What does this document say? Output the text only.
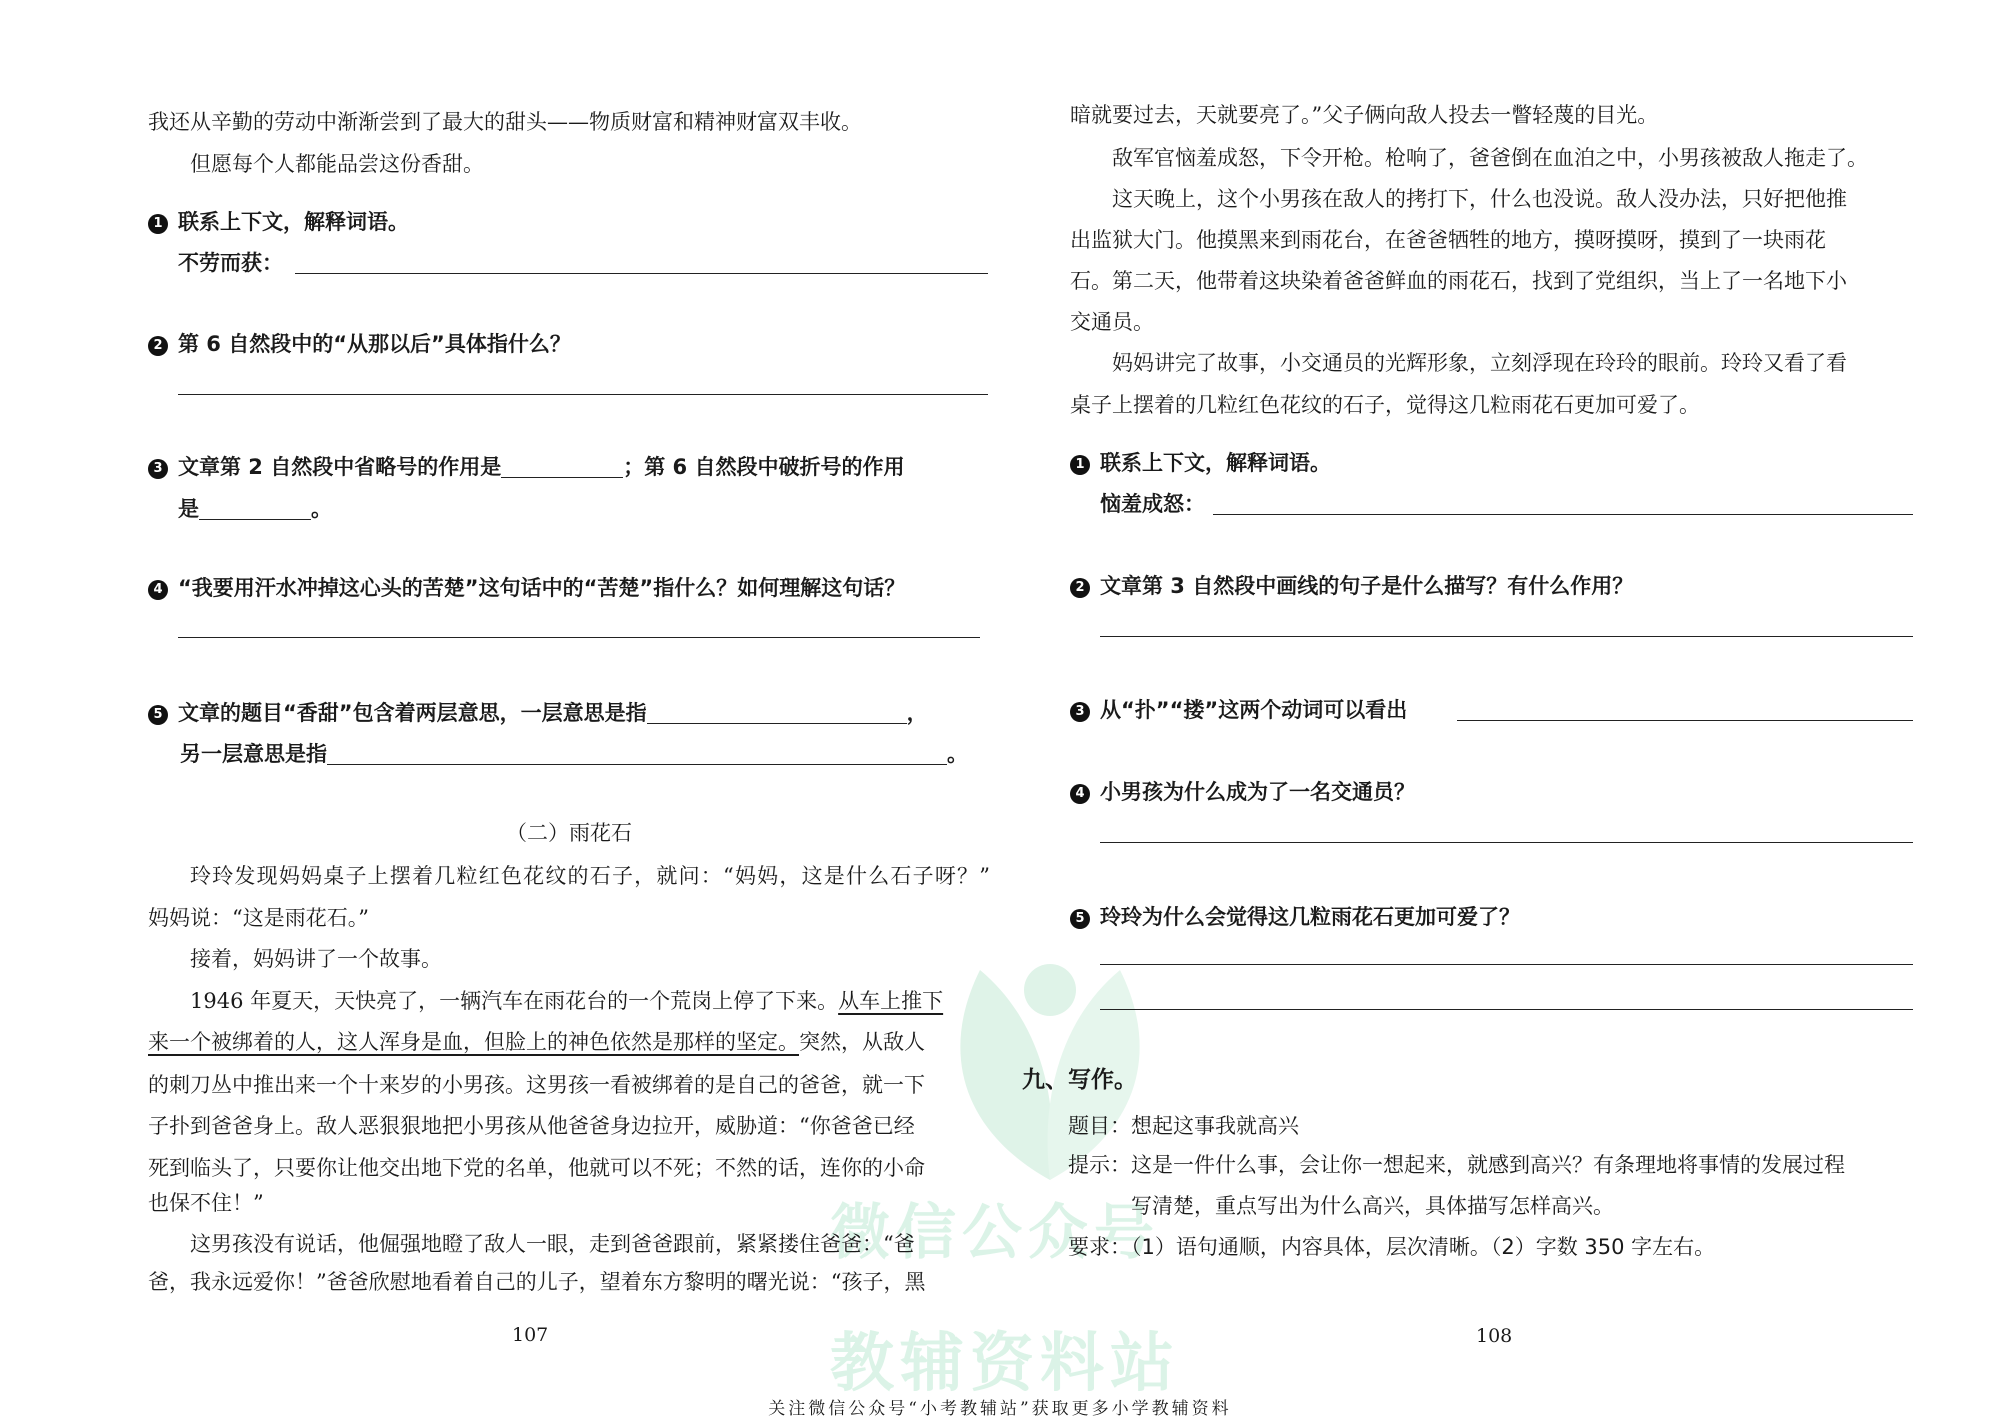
微信公众号
教辅资料站
我还从辛勤的劳动中渐渐尝到了最大的甜头——物质财富和精神财富双丰收。
但愿每个人都能品尝这份香甜。
1 联系上下文，解释词语。
不劳而获：
2 第 6 自然段中的“从那以后”具体指什么？
3 文章第 2 自然段中省略号的作用是	；第 6 自然段中破折号的作用
是	。
4 “我要用汗水冲掉这心头的苦楚”这句话中的“苦楚”指什么？如何理解这句话？
5 文章的题目“香甜”包含着两层意思，一层意思是指	，
另一层意思是指	。
（二）雨花石
玲玲发现妈妈桌子上摆着几粒红色花纹的石子，就问：“妈妈，这是什么石子呀？”
妈妈说：“这是雨花石。”
接着，妈妈讲了一个故事。
1946 年夏天，天快亮了，一辆汽车在雨花台的一个荒岗上停了下来。从车上推下
来一个被绑着的人，这人浑身是血，但脸上的神色依然是那样的坚定。突然，从敌人
的刺刀丛中推出来一个十来岁的小男孩。这男孩一看被绑着的是自己的爸爸，就一下
子扑到爸爸身上。敌人恶狠狠地把小男孩从他爸爸身边拉开，威胁道：“你爸爸已经
死到临头了，只要你让他交出地下党的名单，他就可以不死；不然的话，连你的小命
也保不住！”
这男孩没有说话，他倔强地瞪了敌人一眼，走到爸爸跟前，紧紧搂住爸爸：“爸
爸，我永远爱你！”爸爸欣慰地看着自己的儿子，望着东方黎明的曙光说：“孩子，黑
107
暗就要过去，天就要亮了。”父子俩向敌人投去一瞥轻蔑的目光。
敌军官恼羞成怒，下令开枪。枪响了，爸爸倒在血泊之中，小男孩被敌人拖走了。
这天晚上，这个小男孩在敌人的拷打下，什么也没说。敌人没办法，只好把他推
出监狱大门。他摸黑来到雨花台，在爸爸牺牲的地方，摸呀摸呀，摸到了一块雨花
石。第二天，他带着这块染着爸爸鲜血的雨花石，找到了党组织，当上了一名地下小
交通员。
妈妈讲完了故事，小交通员的光辉形象，立刻浮现在玲玲的眼前。玲玲又看了看
桌子上摆着的几粒红色花纹的石子，觉得这几粒雨花石更加可爱了。
1 联系上下文，解释词语。
恼羞成怒：
2 文章第 3 自然段中画线的句子是什么描写？有什么作用？
3 从“扑”“搂”这两个动词可以看出
4 小男孩为什么成为了一名交通员？
5 玲玲为什么会觉得这几粒雨花石更加可爱了？
九、写作。
题目：想起这事我就高兴
提示：这是一件什么事，会让你一想起来，就感到高兴？有条理地将事情的发展过程
写清楚，重点写出为什么高兴，具体描写怎样高兴。
要求：（1）语句通顺，内容具体，层次清晰。（2）字数 350 字左右。
108
关注微信公众号“小考教辅站”获取更多小学教辅资料
